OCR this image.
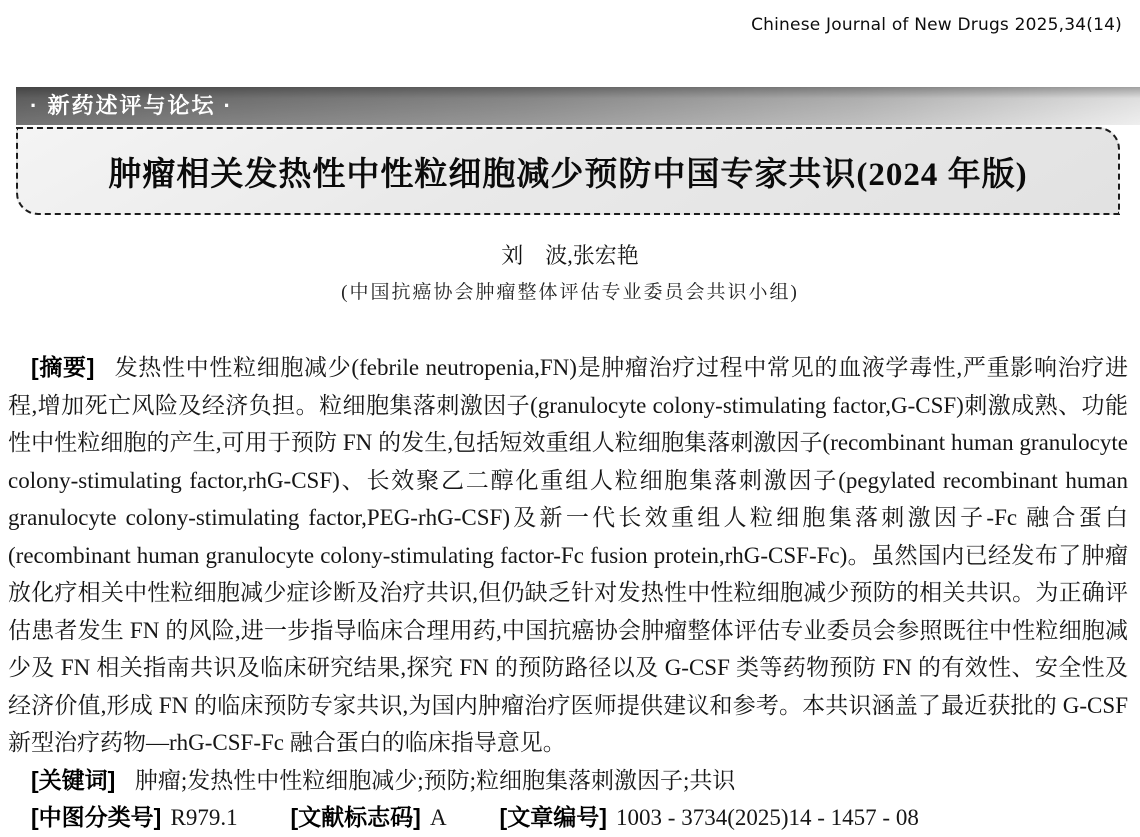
Chinese Journal of New Drugs 2025,34(14)
· 新药述评与论坛 ·
肿瘤相关发热性中性粒细胞减少预防中国专家共识(2024 年版)
刘　波,张宏艳
(中国抗癌协会肿瘤整体评估专业委员会共识小组)
[摘要] 发热性中性粒细胞减少(febrile neutropenia,FN)是肿瘤治疗过程中常见的血液学毒性,严重影响治疗进程,增加死亡风险及经济负担。粒细胞集落刺激因子(granulocyte colony-stimulating factor,G-CSF)刺激成熟、功能性中性粒细胞的产生,可用于预防 FN 的发生,包括短效重组人粒细胞集落刺激因子(recombinant human granulocyte colony-stimulating factor,rhG-CSF)、长效聚乙二醇化重组人粒细胞集落刺激因子(pegylated recombinant human granulocyte colony-stimulating factor,PEG-rhG-CSF)及新一代长效重组人粒细胞集落刺激因子-Fc 融合蛋白(recombinant human granulocyte colony-stimulating factor-Fc fusion protein,rhG-CSF-Fc)。虽然国内已经发布了肿瘤放化疗相关中性粒细胞减少症诊断及治疗共识,但仍缺乏针对发热性中性粒细胞减少预防的相关共识。为正确评估患者发生 FN 的风险,进一步指导临床合理用药,中国抗癌协会肿瘤整体评估专业委员会参照既往中性粒细胞减少及 FN 相关指南共识及临床研究结果,探究 FN 的预防路径以及 G-CSF 类等药物预防 FN 的有效性、安全性及经济价值,形成 FN 的临床预防专家共识,为国内肿瘤治疗医师提供建议和参考。本共识涵盖了最近获批的 G-CSF 新型治疗药物—rhG-CSF-Fc 融合蛋白的临床指导意见。
[关键词] 肿瘤;发热性中性粒细胞减少;预防;粒细胞集落刺激因子;共识
[中图分类号] R979.1 [文献标志码] A [文章编号] 1003 - 3734(2025)14 - 1457 - 08
